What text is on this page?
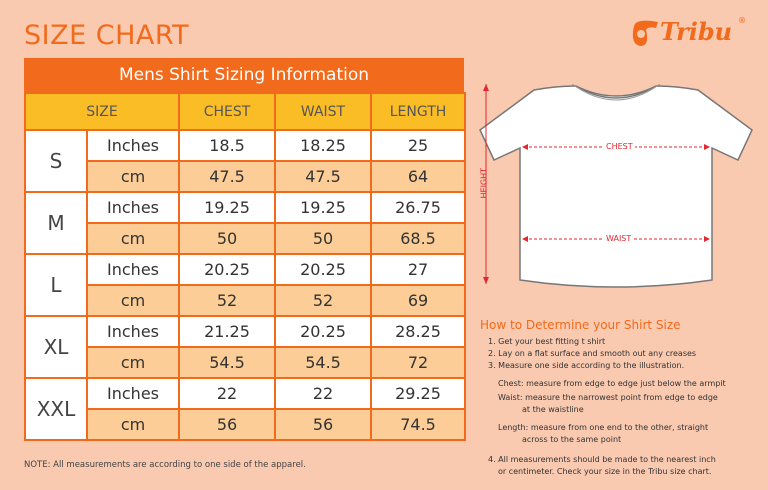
SIZE CHART	Tribu ®
Mens Shirt Sizing Information
SIZE		CHEST	WAIST	LENGTH
S	Inches	18.5	18.25	25
	cm	47.5	47.5	64
M	Inches	19.25	19.25	26.75
	cm	50	50	68.5
L	Inches	20.25	20.25	27
	cm	52	52	69
XL	Inches	21.25	20.25	28.25
	cm	54.5	54.5	72
XXL	Inches	22	22	29.25
	cm	56	56	74.5
NOTE: All measurements are according to one side of the apparel.
CHEST
WAIST
HEIGHT
How to Determine your Shirt Size
1. Get your best fitting t shirt
2. Lay on a flat surface and smooth out any creases
3. Measure one side according to the illustration.
Chest: measure from edge to edge just below the armpit
Waist: measure the narrowest point from edge to edge
at the waistline
Length: measure from one end to the other, straight
across to the same point
4. All measurements should be made to the nearest inch
or centimeter. Check your size in the Tribu size chart.
